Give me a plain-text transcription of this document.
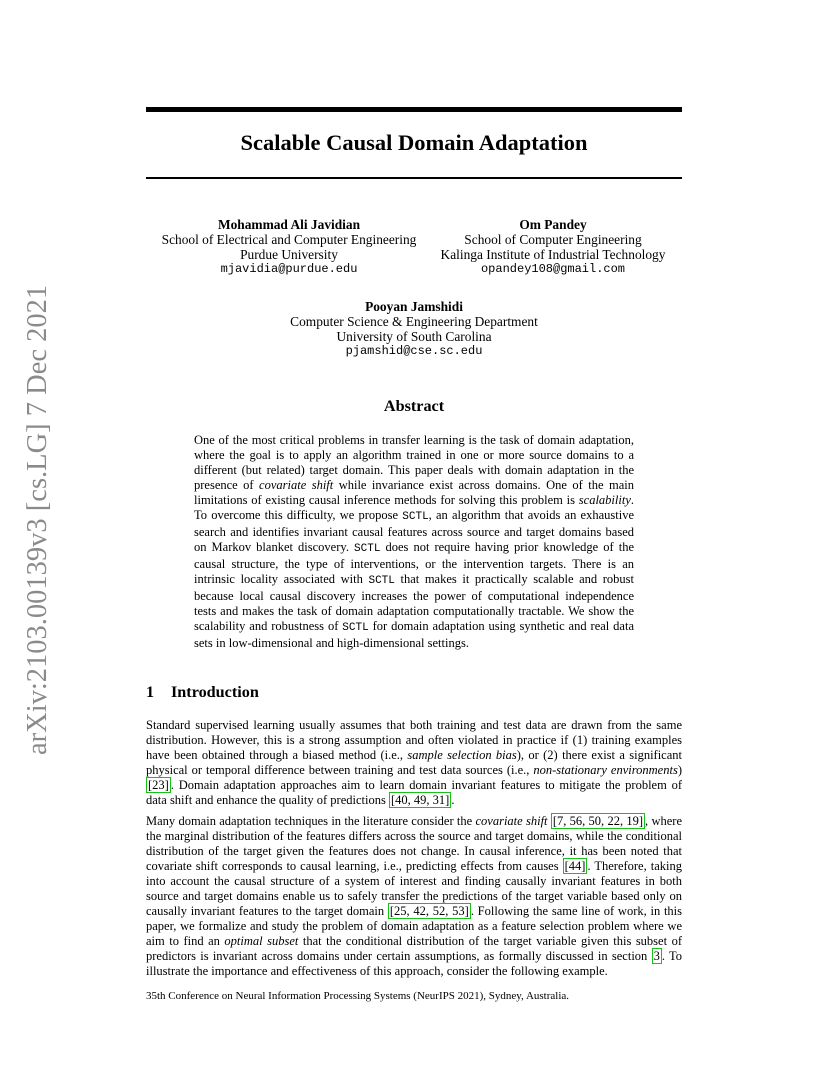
arXiv:2103.00139v3 [cs.LG] 7 Dec 2021
Scalable Causal Domain Adaptation
Mohammad Ali Javidian
School of Electrical and Computer Engineering
Purdue University
mjavidia@purdue.edu
Om Pandey
School of Computer Engineering
Kalinga Institute of Industrial Technology
opandey108@gmail.com
Pooyan Jamshidi
Computer Science & Engineering Department
University of South Carolina
pjamshid@cse.sc.edu
Abstract
One of the most critical problems in transfer learning is the task of domain adaptation, where the goal is to apply an algorithm trained in one or more source domains to a different (but related) target domain. This paper deals with domain adaptation in the presence of covariate shift while invariance exist across domains. One of the main limitations of existing causal inference methods for solving this problem is scalability. To overcome this difficulty, we propose SCTL, an algorithm that avoids an exhaustive search and identifies invariant causal features across source and target domains based on Markov blanket discovery. SCTL does not require having prior knowledge of the causal structure, the type of interventions, or the intervention targets. There is an intrinsic locality associated with SCTL that makes it practically scalable and robust because local causal discovery increases the power of computational independence tests and makes the task of domain adaptation computationally tractable. We show the scalability and robustness of SCTL for domain adaptation using synthetic and real data sets in low-dimensional and high-dimensional settings.
1 Introduction
Standard supervised learning usually assumes that both training and test data are drawn from the same distribution. However, this is a strong assumption and often violated in practice if (1) training examples have been obtained through a biased method (i.e., sample selection bias), or (2) there exist a significant physical or temporal difference between training and test data sources (i.e., non-stationary environments) [23] . Domain adaptation approaches aim to learn domain invariant features to mitigate the problem of data shift and enhance the quality of predictions [40, 49, 31] .
Many domain adaptation techniques in the literature consider the covariate shift [7, 56, 50, 22, 19] , where the marginal distribution of the features differs across the source and target domains, while the conditional distribution of the target given the features does not change. In causal inference, it has been noted that covariate shift corresponds to causal learning, i.e., predicting effects from causes [44] . Therefore, taking into account the causal structure of a system of interest and finding causally invariant features in both source and target domains enable us to safely transfer the predictions of the target variable based only on causally invariant features to the target domain [25, 42, 52, 53] . Following the same line of work, in this paper, we formalize and study the problem of domain adaptation as a feature selection problem where we aim to find an optimal subset that the conditional distribution of the target variable given this subset of predictors is invariant across domains under certain assumptions, as formally discussed in section 3 . To illustrate the importance and effectiveness of this approach, consider the following example.
35th Conference on Neural Information Processing Systems (NeurIPS 2021), Sydney, Australia.
